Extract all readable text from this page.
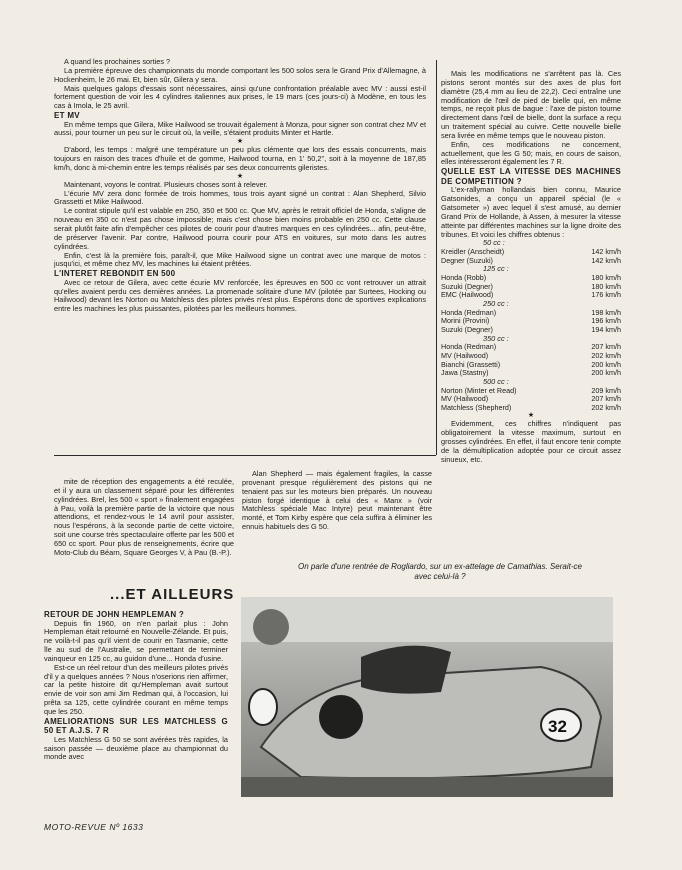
A quand les prochaines sorties ?

La première épreuve des championnats du monde comportant les 500 solos sera le Grand Prix d'Allemagne, à Hockenheim, le 26 mai. Et, bien sûr, Gilera y sera.

Mais quelques galops d'essais sont nécessaires, ainsi qu'une confrontation préalable avec MV : aussi est-il fortement question de voir les 4 cylindres italiennes aux prises, le 19 mars (ces jours-ci) à Modène, en tous les cas à Imola, le 25 avril.

ET MV

En même temps que Gilera, Mike Hailwood se trouvait également à Monza, pour signer son contrat chez MV et aussi, pour tourner un peu sur le circuit où, la veille, s'étaient produits Minter et Hartle.

★

D'abord, les temps : malgré une température un peu plus clémente que lors des essais concurrents, mais toujours en raison des traces d'huile et de gomme, Hailwood tourna, en 1' 50,2", soit à la moyenne de 187,85 km/h, donc à mi-chemin entre les temps réalisés par ses deux concurrents gileristes.

★

Maintenant, voyons le contrat. Plusieurs choses sont à relever.

L'écurie MV zera donc formée de trois hommes, tous trois ayant signé un contrat : Alan Shepherd, Silvio Grassetti et Mike Hailwood.

Le contrat stipule qu'il est valable en 250, 350 et 500 cc. Que MV, après le retrait officiel de Honda, s'aligne de nouveau en 350 cc n'est pas chose impossible; mais c'est chose bien moins probable en 250 cc. Cette clause serait plutôt faite afin d'empêcher ces pilotes de courir pour d'autres marques en ces cylindrées... afin, peut-être, de préserver l'avenir. Par contre, Hailwood pourra courir pour ATS en voitures, sur moto dans les autres cylindrées.

Enfin, c'est là la première fois, paraît-il, que Mike Hailwood signe un contrat avec une marque de motos : jusqu'ici, et même chez MV, les machines lui étaient prêtées.

L'INTERET REBONDIT EN 500

Avec ce retour de Gilera, avec cette écurie MV renforcée, les épreuves en 500 cc vont retrouver un attrait qu'elles avaient perdu ces dernières années. La promenade solitaire d'une MV (pilotée par Surtees, Hocking ou Hailwood) devant les Norton ou Matchless des pilotes privés n'est plus. Espérons donc de sportives explications entre les machines les plus puissantes, pilotées par les meilleurs hommes.

Mais les modifications ne s'arrêtent pas là. Ces pistons seront montés sur des axes de plus fort diamètre (25,4 mm au lieu de 22,2). Ceci entraîne une modification de l'œil de pied de bielle qui, en même temps, ne reçoit plus de bague : l'axe de piston tourne directement dans l'œil de bielle, dont la surface a reçu un traitement spécial au cuivre. Cette nouvelle bielle sera livrée en même temps que le nouveau piston.

Enfin, ces modifications ne concernent, actuellement, que les G 50; mais, en cours de saison, elles intéresseront également les 7 R.

QUELLE EST LA VITESSE DES MACHINES DE COMPETITION ?

L'ex-rallyman hollandais bien connu, Maurice Gatsonides, a conçu un appareil spécial (le « Gatsometer ») avec lequel il s'est amusé, au dernier Grand Prix de Hollande, à Assen, à mesurer la vitesse atteinte par différentes machines sur la ligne droite des tribunes. Et voici les chiffres obtenus :

50 cc :

Kreidler (Anscheidt)	142 km/h
Degner (Suzuki)	142 km/h

125 cc :

Honda (Robb)	180 km/h
Suzuki (Degner)	180 km/h
EMC (Hailwood)	176 km/h

250 cc :

Honda (Redman)	198 km/h
Morini (Provini)	196 km/h
Suzuki (Degner)	194 km/h

350 cc :

Honda (Redman)	207 km/h
MV (Hailwood)	202 km/h
Bianchi (Grassetti)	200 km/h
Jawa (Stastny)	200 km/h

500 cc :

Norton (Minter et Read)	209 km/h
MV (Hailwood)	207 km/h
Matchless (Shepherd)	202 km/h

★

Evidemment, ces chiffres n'indiquent pas obligatoirement la vitesse maximum, surtout en grosses cylindrées. En effet, il faut encore tenir compte de la démultiplication adoptée pour ce circuit assez sinueux, etc.

mite de réception des engagements a été reculée, et il y aura un classement séparé pour les différentes cylindrées. Brel, les 500 « sport » finalement engagées à Pau, voilà la première partie de la victoire que nous attendions, et rendez-vous le 14 avril pour assister, nous l'espérons, à la seconde partie de cette victoire, soit une course très spectaculaire offerte par les 500 et 650 cc sport. Pour plus de renseignements, écrire que Moto-Club du Béarn, Square Georges V, à Pau (B.-P.).

Alan Shepherd — mais également fragiles, la casse provenant presque régulièrement des pistons qui ne tenaient pas sur les moteurs bien préparés. Un nouveau piston forgé identique à celui des « Manx » (voir Matchless spéciale Mac Intyre) peut maintenant être monté, et Tom Kirby espère que cela suffira à éliminer les ennuis habituels des G 50.

On parle d'une rentrée de Rogliardo, sur un ex-attelage de Camathias. Serait-ce avec celui-là ?
32
...ET AILLEURS

RETOUR DE JOHN HEMPLEMAN ?

Depuis fin 1960, on n'en parlait plus : John Hempleman était retourné en Nouvelle-Zélande. Et puis, ne voilà-t-il pas qu'il vient de courir en Tasmanie, cette île au sud de l'Australie, se permettant de terminer vainqueur en 125 cc, au guidon d'une... Honda d'usine.

Est-ce un réel retour d'un des meilleurs pilotes privés d'il y a quelques années ? Nous n'oserions rien affirmer, car la petite histoire dit qu'Hempleman avait surtout envie de voir son ami Jim Redman qui, à l'occasion, lui prêta sa 125, cette cylindrée courant en même temps que les 250.

AMELIORATIONS SUR LES MATCHLESS G 50 ET A.J.S. 7 R

Les Matchless G 50 se sont avérées très rapides, la saison passée — deuxième place au championnat du monde avec

MOTO-REVUE Nº 1633
